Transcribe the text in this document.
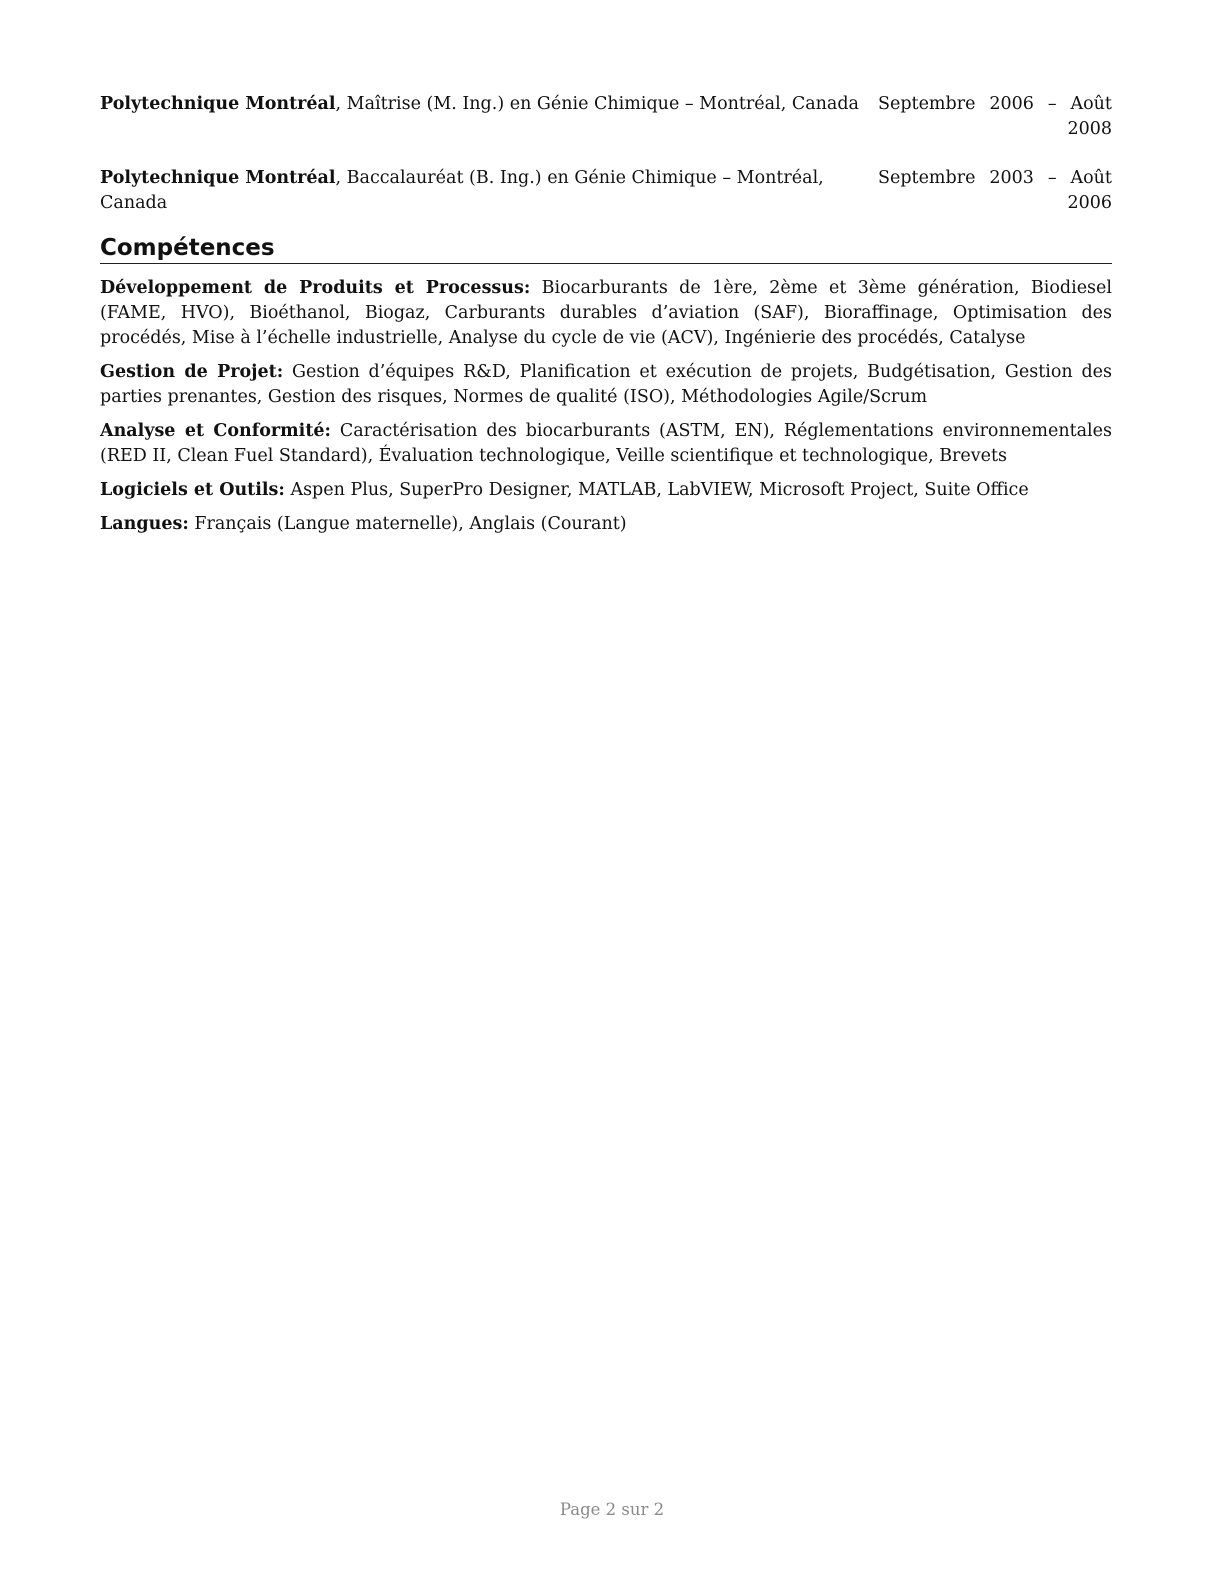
Polytechnique Montréal, Maîtrise (M. Ing.) en Génie Chimique – Montréal, Canada	Septembre 2006 – Août
2008
Polytechnique Montréal, Baccalauréat (B. Ing.) en Génie Chimique – Montréal, Canada
Septembre 2003 – Août
2006
Compétences
Développement de Produits et Processus: Biocarburants de 1ère, 2ème et 3ème génération, Biodiesel (FAME, HVO), Bioéthanol, Biogaz, Carburants durables d’aviation (SAF), Bioraffinage, Optimisation des procédés, Mise à l’échelle industrielle, Analyse du cycle de vie (ACV), Ingénierie des procédés, Catalyse
Gestion de Projet: Gestion d’équipes R&D, Planification et exécution de projets, Budgétisation, Gestion des parties prenantes, Gestion des risques, Normes de qualité (ISO), Méthodologies Agile/Scrum
Analyse et Conformité: Caractérisation des biocarburants (ASTM, EN), Réglementations environnementales (RED II, Clean Fuel Standard), Évaluation technologique, Veille scientifique et technologique, Brevets
Logiciels et Outils: Aspen Plus, SuperPro Designer, MATLAB, LabVIEW, Microsoft Project, Suite Office
Langues: Français (Langue maternelle), Anglais (Courant)
Page 2 sur 2
